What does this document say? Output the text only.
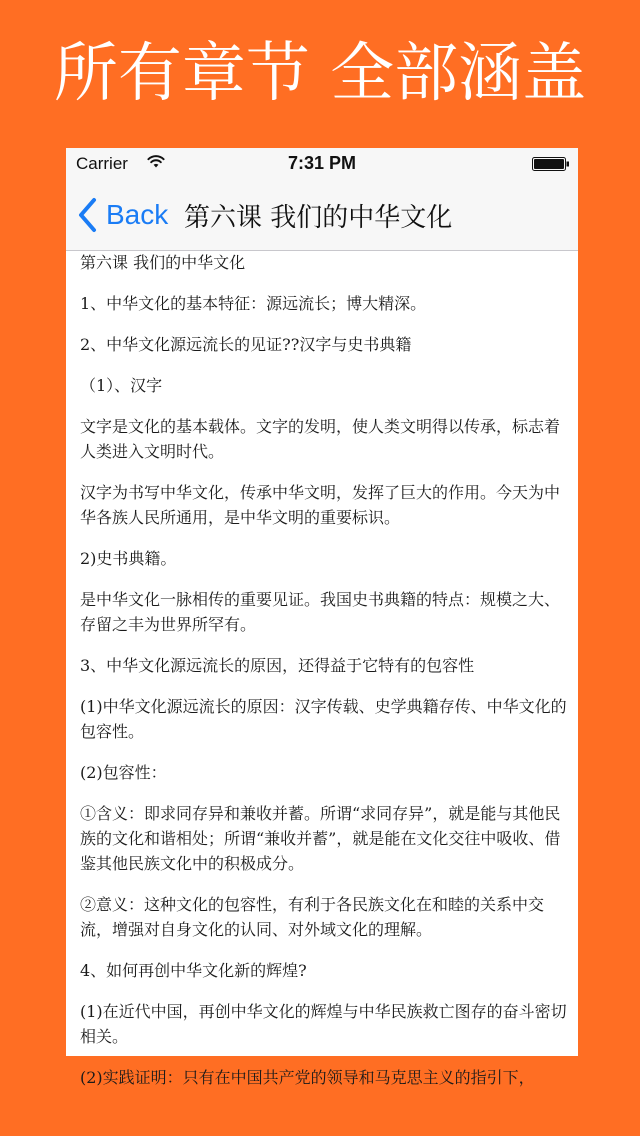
所有章节 全部涵盖
Carrier	7:31 PM
Back 第六课 我们的中华文化

第六课 我们的中华文化

1、中华文化的基本特征：源远流长；博大精深。

2、中华文化源远流长的见证??汉字与史书典籍

（1）、汉字

文字是文化的基本载体。文字的发明，使人类文明得以传承，标志着人类进入文明时代。

汉字为书写中华文化，传承中华文明，发挥了巨大的作用。今天为中 华各族人民所通用，是中华文明的重要标识。

2)史书典籍。

是中华文化一脉相传的重要见证。我国史书典籍的特点：规模之大、存留之丰为世界所罕有。

3、中华文化源远流长的原因，还得益于它特有的包容性

(1)中华文化源远流长的原因：汉字传载、史学典籍存传、中华文化的包容性。

(2)包容性：

①含义：即求同存异和兼收并蓄。所谓“求同存异”，就是能与其他民族的文化和谐相处；所谓“兼收并蓄”，就是能在文化交往中吸收、借鉴其他民族文化中的积极成分。

②意义：这种文化的包容性，有利于各民族文化在和睦的关系中交流，增强对自身文化的认同、对外域文化的理解。

4、如何再创中华文化新的辉煌?

(1)在近代中国，再创中华文化的辉煌与中华民族救亡图存的奋斗密切相关。

(2)实践证明：只有在中国共产党的领导和马克思主义的指引下，
